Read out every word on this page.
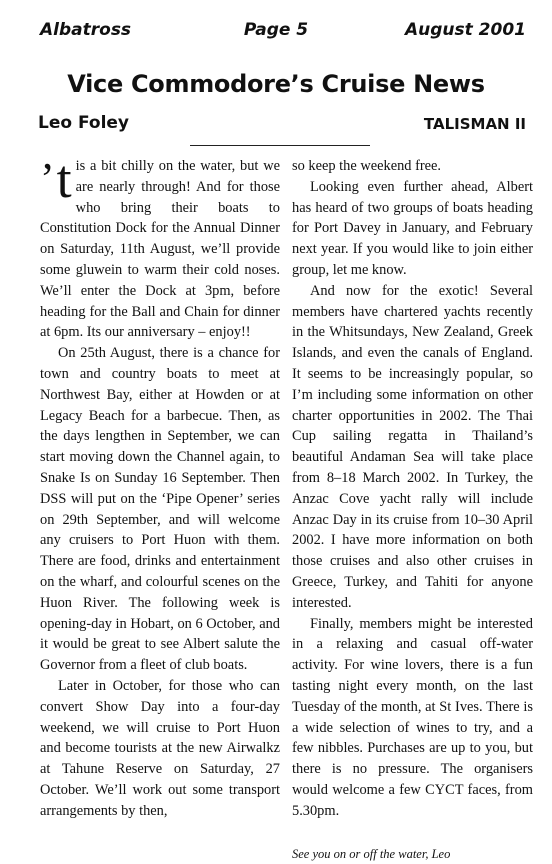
Albatross	Page 5	August 2001
Vice Commodore’s Cruise News
Leo Foley	TALISMAN II

’t is a bit chilly on the water, but we are nearly through! And for those who bring their boats to Constitution Dock for the Annual Dinner on Saturday, 11th August, we’ll provide some gluwein to warm their cold noses. We’ll enter the Dock at 3pm, before heading for the Ball and Chain for dinner at 6pm. Its our anniversary – enjoy!!

On 25th August, there is a chance for town and country boats to meet at Northwest Bay, either at Howden or at Legacy Beach for a barbecue. Then, as the days lengthen in September, we can start moving down the Channel again, to Snake Is on Sunday 16 September. Then DSS will put on the ‘Pipe Opener’ series on 29th September, and will welcome any cruisers to Port Huon with them. There are food, drinks and entertainment on the wharf, and colourful scenes on the Huon River. The following week is opening-day in Hobart, on 6 October, and it would be great to see Albert salute the Governor from a fleet of club boats.

Later in October, for those who can convert Show Day into a four-day weekend, we will cruise to Port Huon and become tourists at the new Airwalkz at Tahune Reserve on Saturday, 27 October. We’ll work out some transport arrangements by then,

so keep the weekend free.

Looking even further ahead, Albert has heard of two groups of boats heading for Port Davey in January, and February next year. If you would like to join either group, let me know.

And now for the exotic! Several members have chartered yachts recently in the Whitsundays, New Zealand, Greek Islands, and even the canals of England. It seems to be increasingly popular, so I’m including some information on other charter opportunities in 2002. The Thai Cup sailing regatta in Thailand’s beautiful Andaman Sea will take place from 8–18 March 2002. In Turkey, the Anzac Cove yacht rally will include Anzac Day in its cruise from 10–30 April 2002. I have more information on both those cruises and also other cruises in Greece, Turkey, and Tahiti for anyone interested.

Finally, members might be interested in a relaxing and casual off-water activity. For wine lovers, there is a fun tasting night every month, on the last Tuesday of the month, at St Ives. There is a wide selection of wines to try, and a few nibbles. Purchases are up to you, but there is no pressure. The organisers would welcome a few CYCT faces, from 5.30pm.

See you on or off the water, Leo
